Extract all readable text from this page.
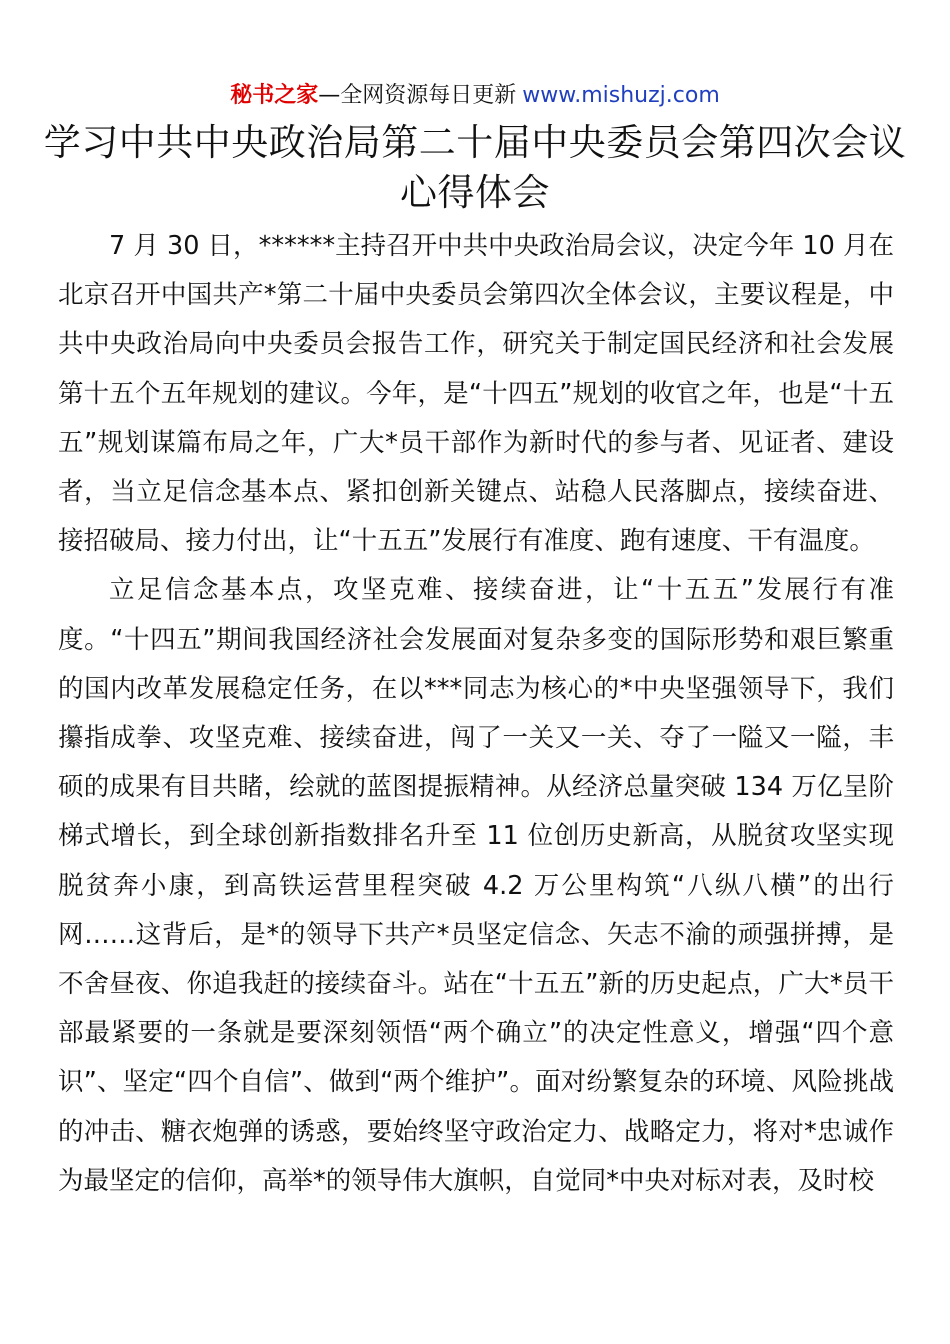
秘书之家—全网资源每日更新 www.mishuzj.com
学习中共中央政治局第二十届中央委员会第四次会议心得体会

7 月 30 日，******主持召开中共中央政治局会议，决定今年 10 月在北京召开中国共产*第二十届中央委员会第四次全体会议，主要议程是，中共中央政治局向中央委员会报告工作，研究关于制定国民经济和社会发展第十五个五年规划的建议。今年，是“十四五”规划的收官之年，也是“十五五”规划谋篇布局之年，广大*员干部作为新时代的参与者、见证者、建设者，当立足信念基本点、紧扣创新关键点、站稳人民落脚点，接续奋进、接招破局、接力付出，让“十五五”发展行有准度、跑有速度、干有温度。

立足信念基本点，攻坚克难、接续奋进，让“十五五”发展行有准度。“十四五”期间我国经济社会发展面对复杂多变的国际形势和艰巨繁重的国内改革发展稳定任务，在以***同志为核心的*中央坚强领导下，我们攥指成拳、攻坚克难、接续奋进，闯了一关又一关、夺了一隘又一隘，丰硕的成果有目共睹，绘就的蓝图提振精神。从经济总量突破 134 万亿呈阶梯式增长，到全球创新指数排名升至 11 位创历史新高，从脱贫攻坚实现脱贫奔小康，到高铁运营里程突破 4.2 万公里构筑“八纵八横”的出行网……这背后，是*的领导下共产*员坚定信念、矢志不渝的顽强拼搏，是不舍昼夜、你追我赶的接续奋斗。站在“十五五”新的历史起点，广大*员干部最紧要的一条就是要深刻领悟“两个确立”的决定性意义，增强“四个意识”、坚定“四个自信”、做到“两个维护”。面对纷繁复杂的环境、风险挑战的冲击、糖衣炮弹的诱惑，要始终坚守政治定力、战略定力，将对*忠诚作为最坚定的信仰，高举*的领导伟大旗帜，自觉同*中央对标对表，及时校
